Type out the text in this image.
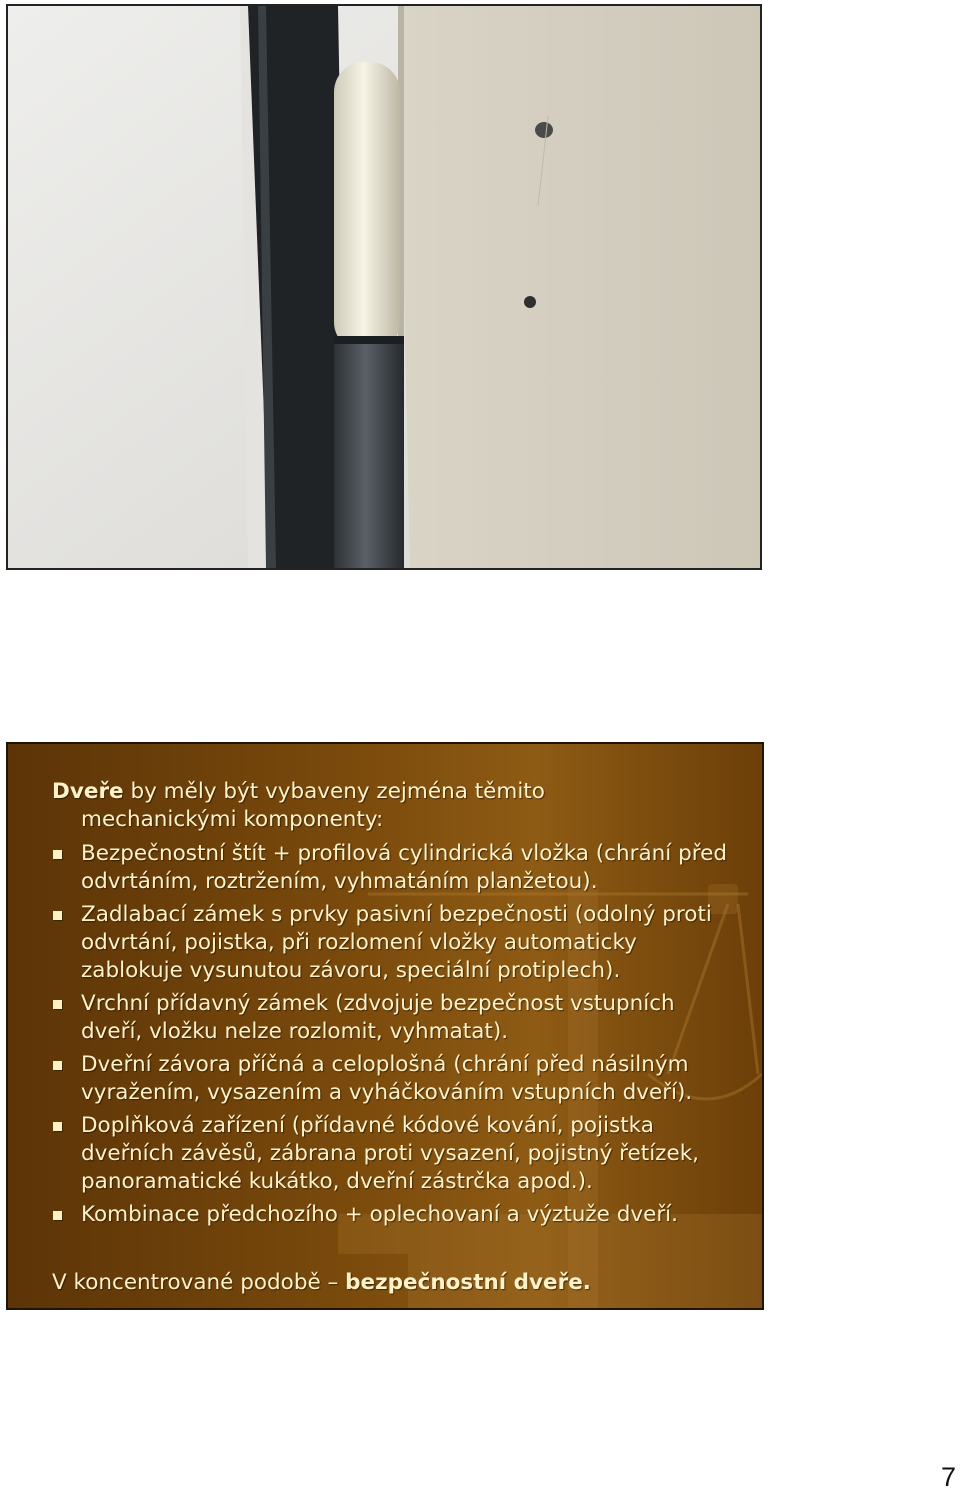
Dveře by měly být vybaveny zejména těmito
mechanickými komponenty:

Bezpečnostní štít + profilová cylindrická vložka (chrání před odvrtáním, roztržením, vyhmatáním planžetou).
Zadlabací zámek s prvky pasivní bezpečnosti (odolný proti odvrtání, pojistka, při rozlomení vložky automaticky zablokuje vysunutou závoru, speciální protiplech).
Vrchní přídavný zámek (zdvojuje bezpečnost vstupních dveří, vložku nelze rozlomit, vyhmatat).
Dveřní závora příčná a celoplošná (chrání před násilným vyražením, vysazením a vyháčkováním vstupních dveří).
Doplňková zařízení (přídavné kódové kování, pojistka dveřních závěsů, zábrana proti vysazení, pojistný řetízek, panoramatické kukátko, dveřní zástrčka apod.).
Kombinace předchozího + oplechovaní a výztuže dveří.

V koncentrované podobě – bezpečnostní dveře.

7
